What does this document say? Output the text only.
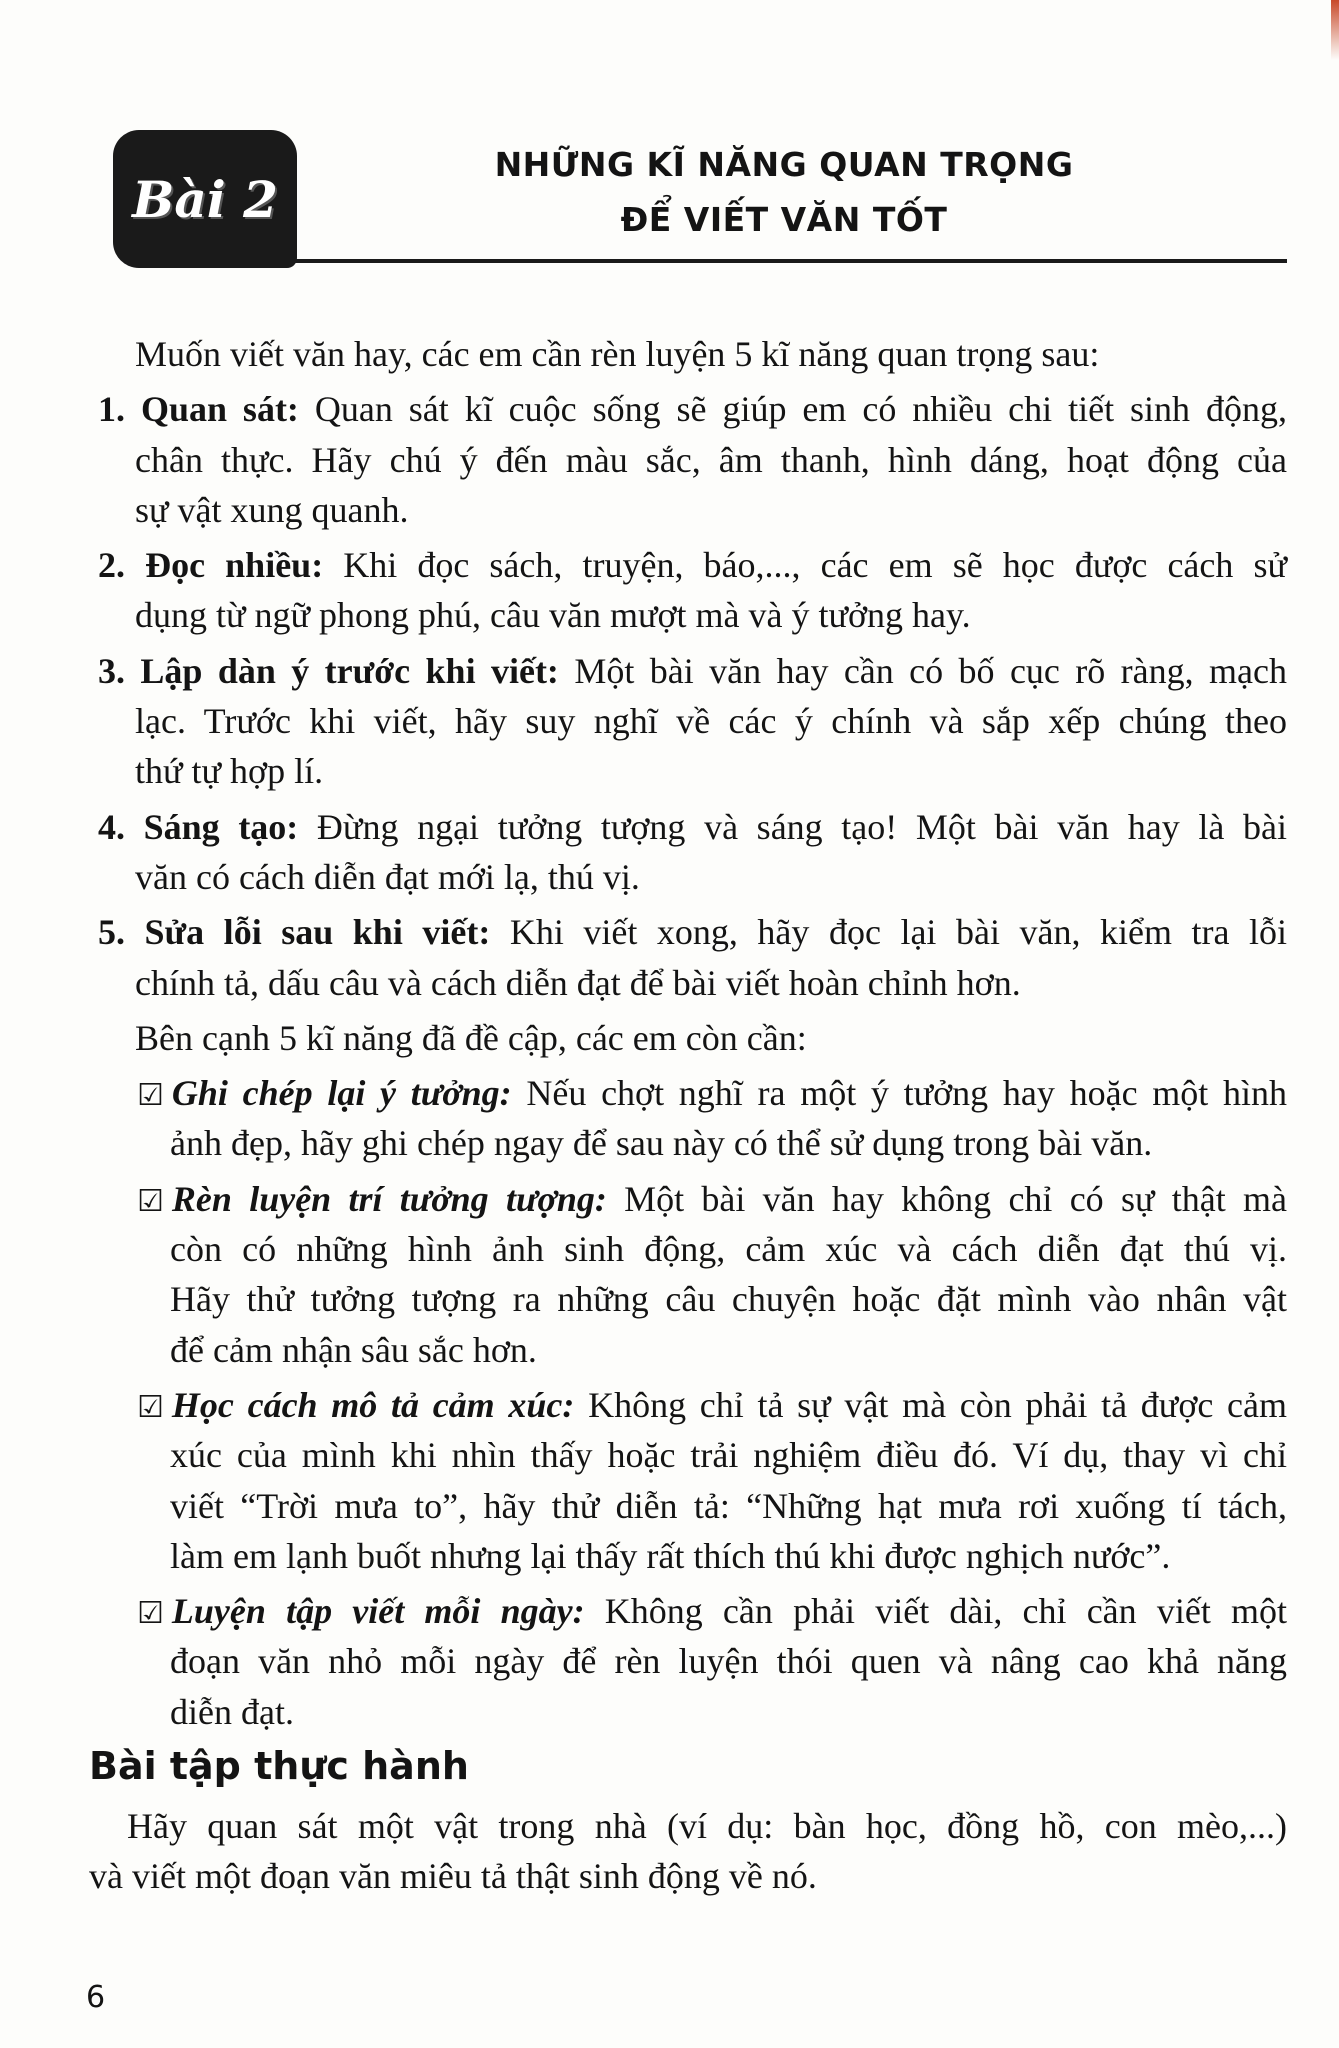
Bài 2
NHỮNG KĨ NĂNG QUAN TRỌNG
ĐỂ VIẾT VĂN TỐT
Muốn viết văn hay, các em cần rèn luyện 5 kĩ năng quan trọng sau:
1. Quan sát: Quan sát kĩ cuộc sống sẽ giúp em có nhiều chi tiết sinh động,
chân thực. Hãy chú ý đến màu sắc, âm thanh, hình dáng, hoạt động của
sự vật xung quanh.
2. Đọc nhiều: Khi đọc sách, truyện, báo,..., các em sẽ học được cách sử
dụng từ ngữ phong phú, câu văn mượt mà và ý tưởng hay.
3. Lập dàn ý trước khi viết: Một bài văn hay cần có bố cục rõ ràng, mạch
lạc. Trước khi viết, hãy suy nghĩ về các ý chính và sắp xếp chúng theo
thứ tự hợp lí.
4. Sáng tạo: Đừng ngại tưởng tượng và sáng tạo! Một bài văn hay là bài
văn có cách diễn đạt mới lạ, thú vị.
5. Sửa lỗi sau khi viết: Khi viết xong, hãy đọc lại bài văn, kiểm tra lỗi
chính tả, dấu câu và cách diễn đạt để bài viết hoàn chỉnh hơn.
Bên cạnh 5 kĩ năng đã đề cập, các em còn cần:
☑ Ghi chép lại ý tưởng: Nếu chợt nghĩ ra một ý tưởng hay hoặc một hình
ảnh đẹp, hãy ghi chép ngay để sau này có thể sử dụng trong bài văn.
☑ Rèn luyện trí tưởng tượng: Một bài văn hay không chỉ có sự thật mà
còn có những hình ảnh sinh động, cảm xúc và cách diễn đạt thú vị.
Hãy thử tưởng tượng ra những câu chuyện hoặc đặt mình vào nhân vật
để cảm nhận sâu sắc hơn.
☑ Học cách mô tả cảm xúc: Không chỉ tả sự vật mà còn phải tả được cảm
xúc của mình khi nhìn thấy hoặc trải nghiệm điều đó. Ví dụ, thay vì chỉ
viết “Trời mưa to”, hãy thử diễn tả: “Những hạt mưa rơi xuống tí tách,
làm em lạnh buốt nhưng lại thấy rất thích thú khi được nghịch nước”.
☑ Luyện tập viết mỗi ngày: Không cần phải viết dài, chỉ cần viết một
đoạn văn nhỏ mỗi ngày để rèn luyện thói quen và nâng cao khả năng
diễn đạt.
Bài tập thực hành
Hãy quan sát một vật trong nhà (ví dụ: bàn học, đồng hồ, con mèo,...)
và viết một đoạn văn miêu tả thật sinh động về nó.
6
